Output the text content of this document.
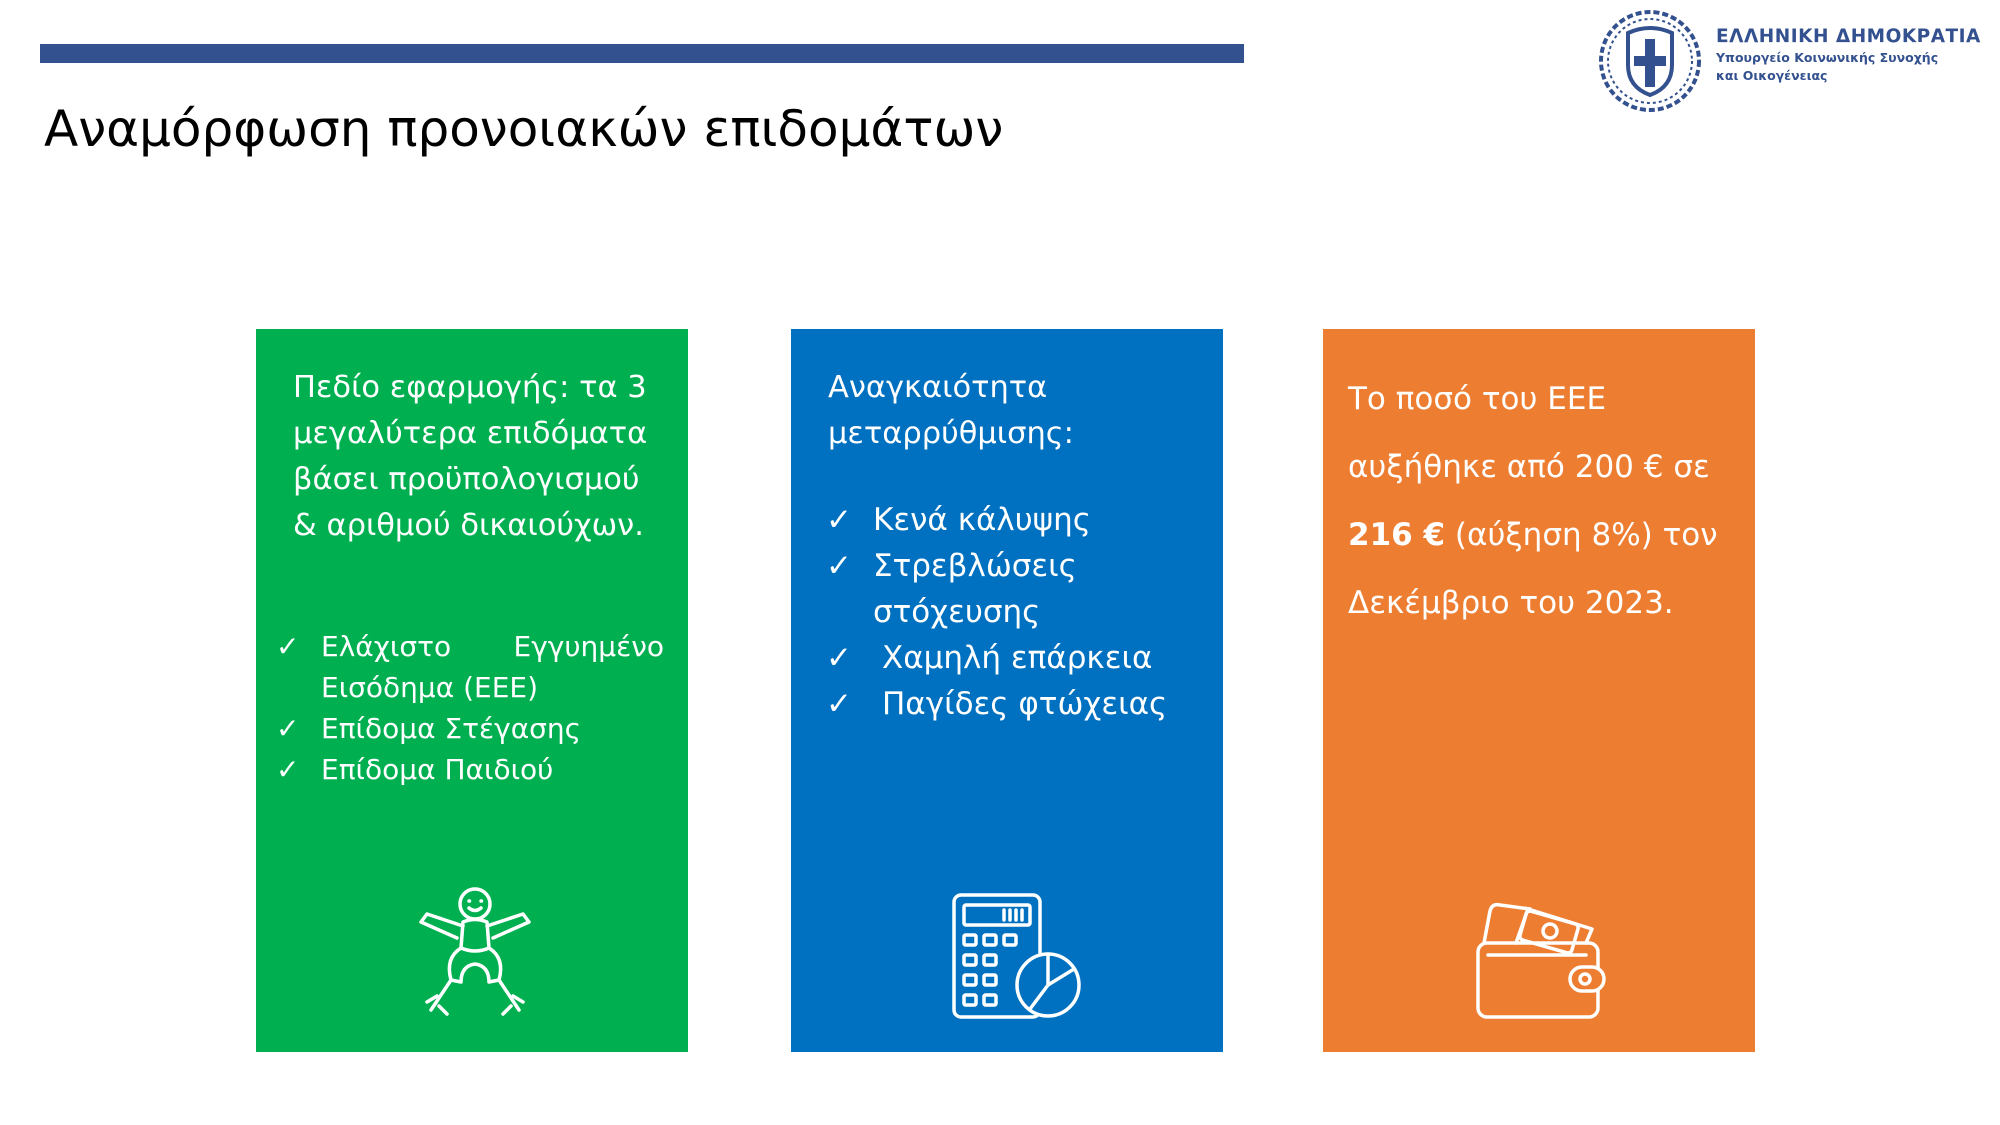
Αναμόρφωση προνοιακών επιδομάτων
ΕΛΛΗΝΙΚΗ ΔΗΜΟΚΡΑΤΙΑ
Υπουργείο Κοινωνικής Συνοχής
και Οικογένειας
Πεδίο εφαρμογής: τα 3 μεγαλύτερα επιδόματα βάσει προϋπολογισμού & αριθμού δικαιούχων.
✓ Ελάχιστο Εγγυημένο
Εισόδημα (ΕΕΕ)
✓ Επίδομα Στέγασης
✓ Επίδομα Παιδιού
Αναγκαιότητα
μεταρρύθμισης:
✓ Κενά κάλυψης
✓ Στρεβλώσεις
στόχευσης
✓ Χαμηλή επάρκεια
✓ Παγίδες φτώχειας
Το ποσό του ΕΕΕ
αυξήθηκε από 200 € σε
216 € (αύξηση 8%) τον
Δεκέμβριο του 2023.
